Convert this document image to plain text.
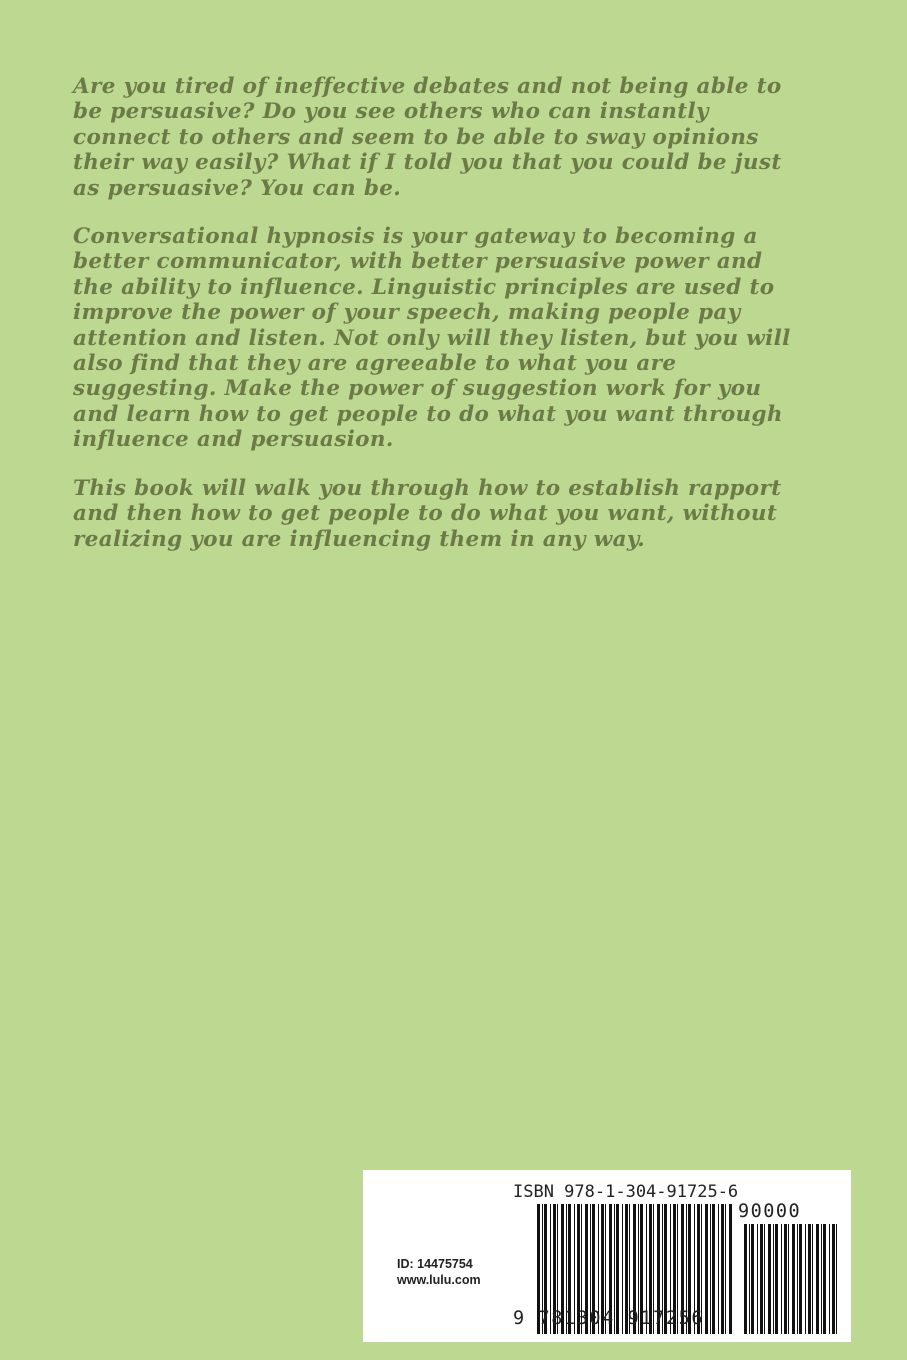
Are you tired of ineffective debates and not being able to
be persuasive? Do you see others who can instantly
connect to others and seem to be able to sway opinions
their way easily? What if I told you that you could be just
as persuasive? You can be.

Conversational hypnosis is your gateway to becoming a
better communicator, with better persuasive power and
the ability to influence. Linguistic principles are used to
improve the power of your speech, making people pay
attention and listen. Not only will they listen, but you will
also find that they are agreeable to what you are
suggesting. Make the power of suggestion work for you
and learn how to get people to do what you want through
influence and persuasion.

This book will walk you through how to establish rapport
and then how to get people to do what you want, without
realizing you are influencing them in any way.

ISBN 978-1-304-91725-6
90000
9 781304 917256
ID: 14475754
www.lulu.com
